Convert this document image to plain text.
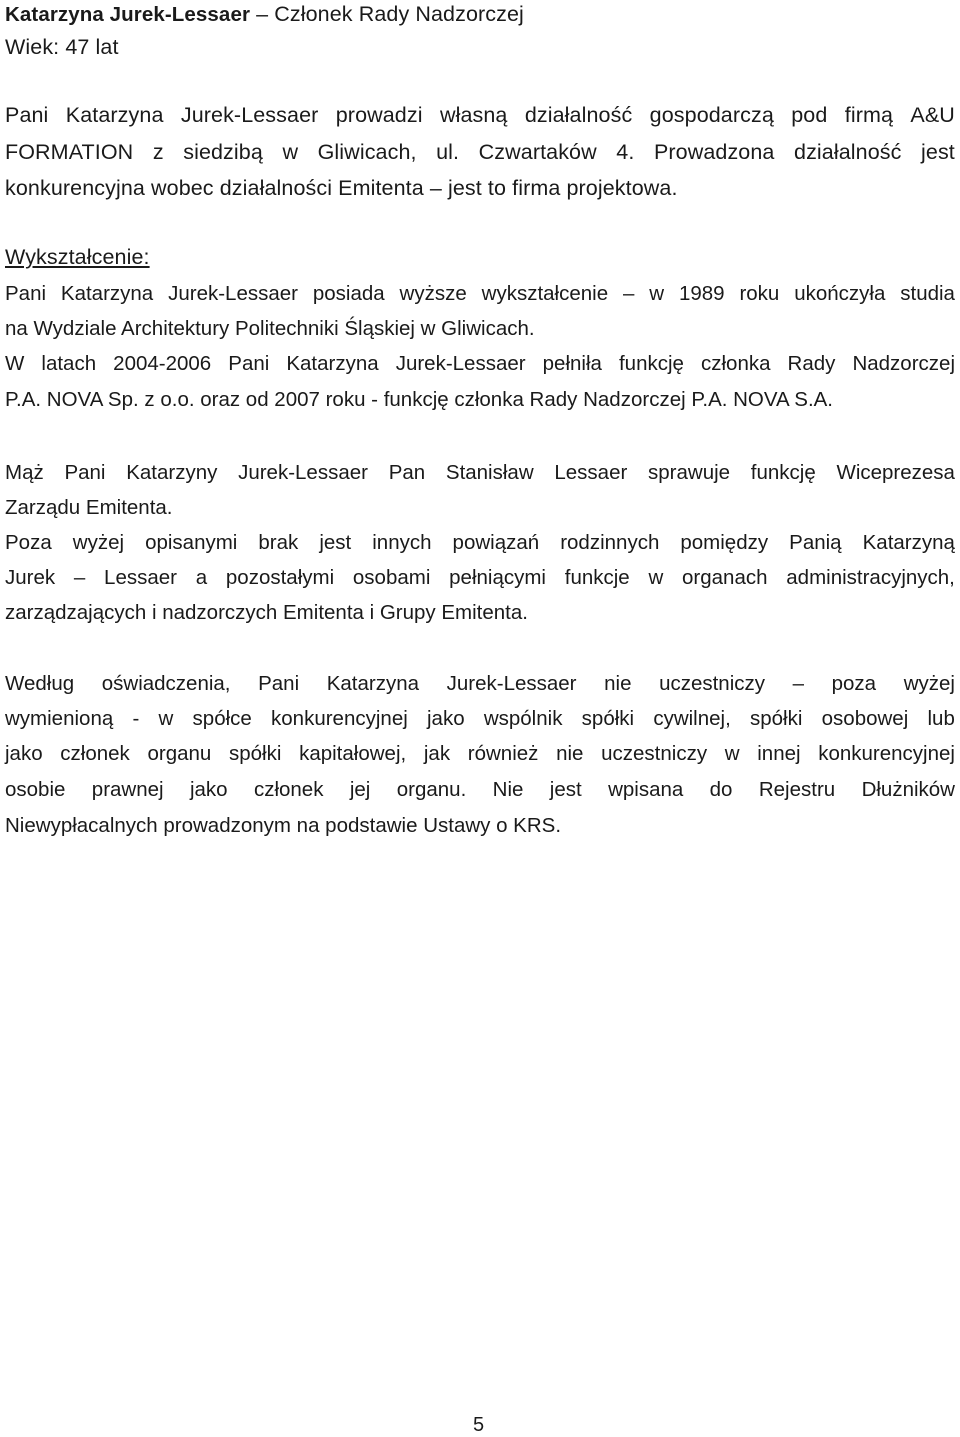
Katarzyna Jurek-Lessaer – Członek Rady Nadzorczej
Wiek: 47 lat
Pani Katarzyna Jurek-Lessaer prowadzi własną działalność gospodarczą pod firmą A&U
FORMATION z siedzibą w Gliwicach, ul. Czwartaków 4. Prowadzona działalność jest
konkurencyjna wobec działalności Emitenta – jest to firma projektowa.
Wykształcenie:
Pani Katarzyna Jurek-Lessaer posiada wyższe wykształcenie – w 1989 roku ukończyła studia
na Wydziale Architektury Politechniki Śląskiej w Gliwicach.
W latach 2004-2006 Pani Katarzyna Jurek-Lessaer pełniła funkcję członka Rady Nadzorczej
P.A. NOVA Sp. z o.o. oraz od 2007 roku - funkcję członka Rady Nadzorczej P.A. NOVA S.A.
Mąż Pani Katarzyny Jurek-Lessaer Pan Stanisław Lessaer sprawuje funkcję Wiceprezesa
Zarządu Emitenta.
Poza wyżej opisanymi brak jest innych powiązań rodzinnych pomiędzy Panią Katarzyną
Jurek – Lessaer a pozostałymi osobami pełniącymi funkcje w organach administracyjnych,
zarządzających i nadzorczych Emitenta i Grupy Emitenta.
Według oświadczenia, Pani Katarzyna Jurek-Lessaer nie uczestniczy – poza wyżej
wymienioną - w spółce konkurencyjnej jako wspólnik spółki cywilnej, spółki osobowej lub
jako członek organu spółki kapitałowej, jak również nie uczestniczy w innej konkurencyjnej
osobie prawnej jako członek jej organu. Nie jest wpisana do Rejestru Dłużników
Niewypłacalnych prowadzonym na podstawie Ustawy o KRS.
5
